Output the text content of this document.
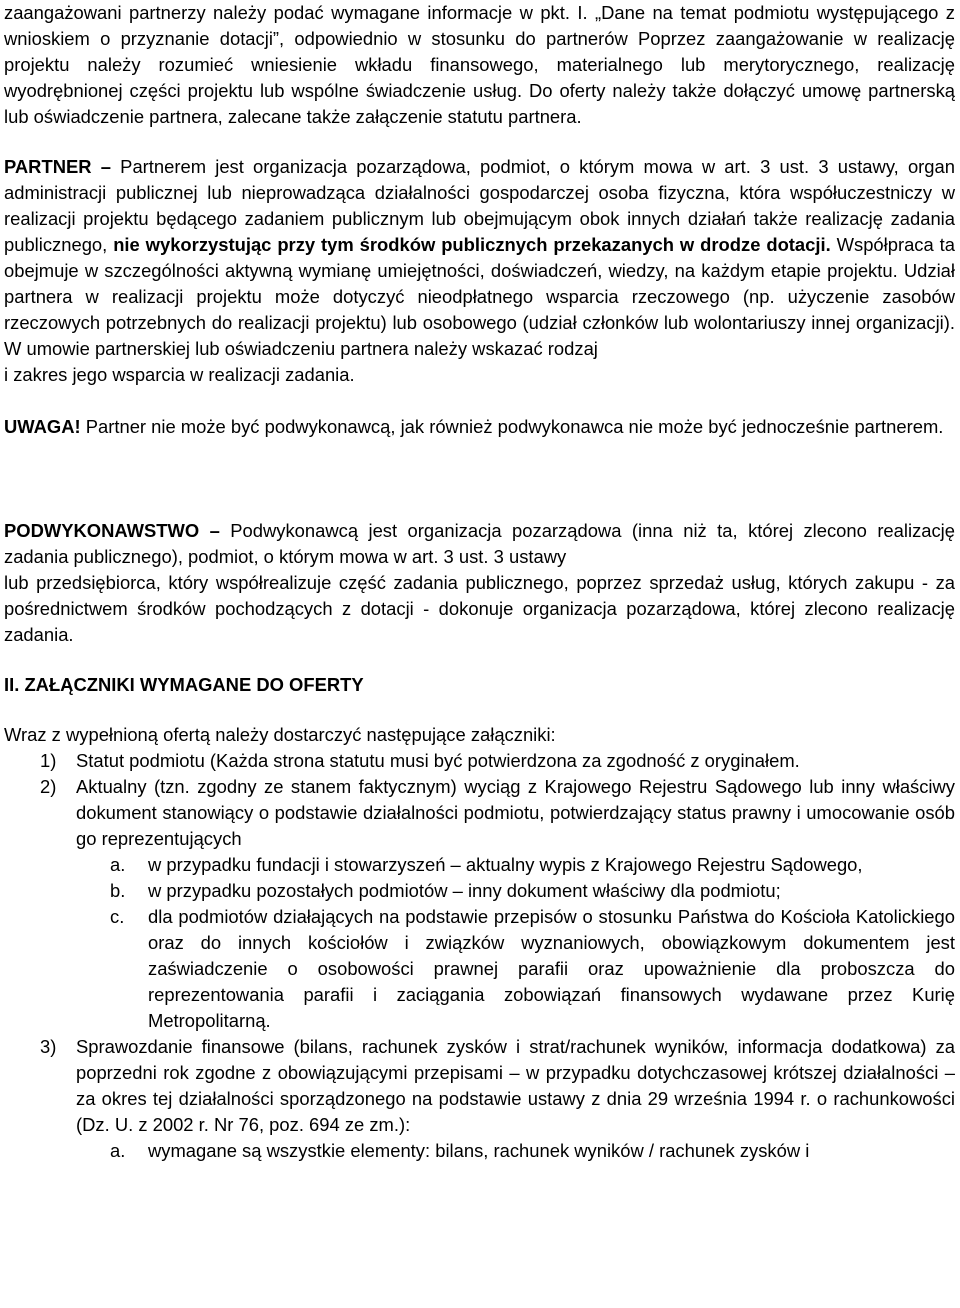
zaangażowani partnerzy należy podać wymagane informacje w pkt. I. „Dane na temat podmiotu występującego z wnioskiem o przyznanie dotacji”, odpowiednio w stosunku do partnerów Poprzez zaangażowanie w realizację projektu należy rozumieć wniesienie wkładu finansowego, materialnego lub merytorycznego, realizację wyodrębnionej części projektu lub wspólne świadczenie usług. Do oferty należy także dołączyć umowę partnerską lub oświadczenie partnera, zalecane także załączenie statutu partnera.

PARTNER – Partnerem jest organizacja pozarządowa, podmiot, o którym mowa w art. 3 ust. 3 ustawy, organ administracji publicznej lub nieprowadząca działalności gospodarczej osoba fizyczna, która współuczestniczy w realizacji projektu będącego zadaniem publicznym lub obejmującym obok innych działań także realizację zadania publicznego, nie wykorzystując przy tym środków publicznych przekazanych w drodze dotacji. Współpraca ta obejmuje w szczególności aktywną wymianę umiejętności, doświadczeń, wiedzy, na każdym etapie projektu. Udział partnera w realizacji projektu może dotyczyć nieodpłatnego wsparcia rzeczowego (np. użyczenie zasobów rzeczowych potrzebnych do realizacji projektu) lub osobowego (udział członków lub wolontariuszy innej organizacji). W umowie partnerskiej lub oświadczeniu partnera należy wskazać rodzaj
i zakres jego wsparcia w realizacji zadania.

UWAGA! Partner nie może być podwykonawcą, jak również podwykonawca nie może być jednocześnie partnerem.

PODWYKONAWSTWO – Podwykonawcą jest organizacja pozarządowa (inna niż ta, której zlecono realizację zadania publicznego), podmiot, o którym mowa w art. 3 ust. 3 ustawy
lub przedsiębiorca, który współrealizuje część zadania publicznego, poprzez sprzedaż usług, których zakupu - za pośrednictwem środków pochodzących z dotacji - dokonuje organizacja pozarządowa, której zlecono realizację zadania.

II. ZAŁĄCZNIKI WYMAGANE DO OFERTY

Wraz z wypełnioną ofertą należy dostarczyć następujące załączniki:

1) Statut podmiotu (Każda strona statutu musi być potwierdzona za zgodność z oryginałem.
2) Aktualny (tzn. zgodny ze stanem faktycznym) wyciąg z Krajowego Rejestru Sądowego lub inny właściwy dokument stanowiący o podstawie działalności podmiotu, potwierdzający status prawny i umocowanie osób go reprezentujących
a. w przypadku fundacji i stowarzyszeń – aktualny wypis z Krajowego Rejestru Sądowego,
b. w przypadku pozostałych podmiotów – inny dokument właściwy dla podmiotu;
c. dla podmiotów działających na podstawie przepisów o stosunku Państwa do Kościoła Katolickiego oraz do innych kościołów i związków wyznaniowych, obowiązkowym dokumentem jest zaświadczenie o osobowości prawnej parafii oraz upoważnienie dla proboszcza do reprezentowania parafii i zaciągania zobowiązań finansowych wydawane przez Kurię Metropolitarną.
3) Sprawozdanie finansowe (bilans, rachunek zysków i strat/rachunek wyników, informacja dodatkowa) za poprzedni rok zgodne z obowiązującymi przepisami – w przypadku dotychczasowej krótszej działalności – za okres tej działalności sporządzonego na podstawie ustawy z dnia 29 września 1994 r. o rachunkowości (Dz. U. z 2002 r. Nr 76, poz. 694 ze zm.):
a. wymagane są wszystkie elementy: bilans, rachunek wyników / rachunek zysków i
